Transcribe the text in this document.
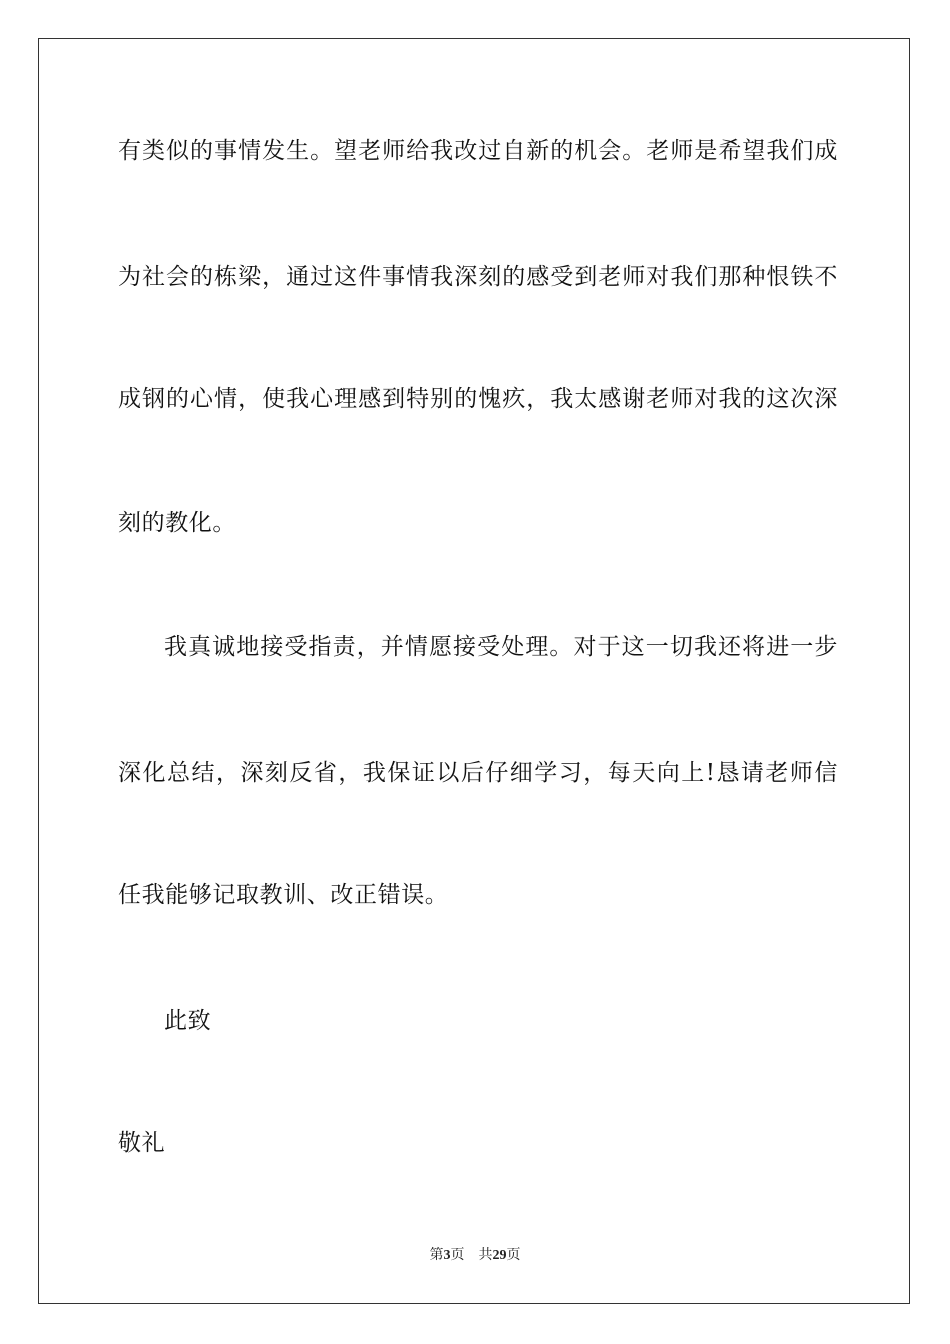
有类似的事情发生。望老师给我改过自新的机会。老师是希望我们成
为社会的栋梁，通过这件事情我深刻的感受到老师对我们那种恨铁不
成钢的心情，使我心理感到特别的愧疚，我太感谢老师对我的这次深
刻的教化。
我真诚地接受指责，并情愿接受处理。对于这一切我还将进一步
深化总结，深刻反省，我保证以后仔细学习，每天向上!恳请老师信
任我能够记取教训、改正错误。
此致
敬礼
第3页 共29页
